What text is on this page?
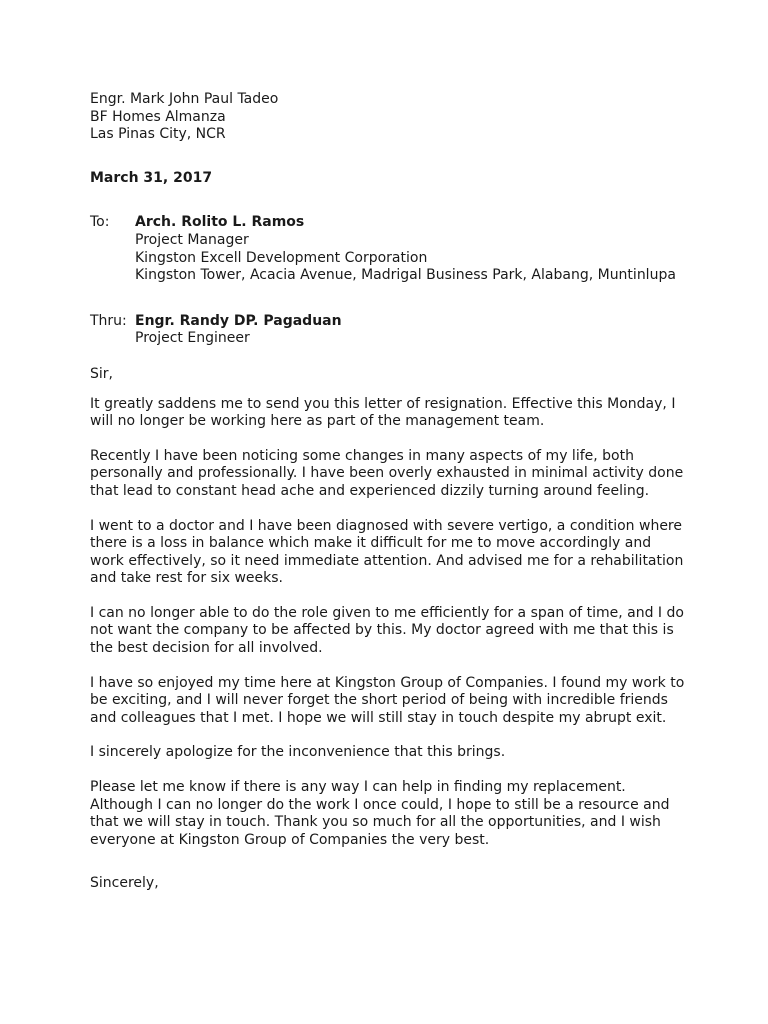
Engr. Mark John Paul Tadeo
BF Homes Almanza
Las Pinas City, NCR
March 31, 2017
To:	Arch. Rolito L. Ramos
Project Manager
Kingston Excell Development Corporation
Kingston Tower, Acacia Avenue, Madrigal Business Park, Alabang, Muntinlupa
Thru: Engr. Randy DP. Pagaduan
Project Engineer
Sir,
It greatly saddens me to send you this letter of resignation. Effective this Monday, I
will no longer be working here as part of the management team.
Recently I have been noticing some changes in many aspects of my life, both
personally and professionally. I have been overly exhausted in minimal activity done
that lead to constant head ache and experienced dizzily turning around feeling.
I went to a doctor and I have been diagnosed with severe vertigo, a condition where
there is a loss in balance which make it difficult for me to move accordingly and
work effectively, so it need immediate attention. And advised me for a rehabilitation
and take rest for six weeks.
I can no longer able to do the role given to me efficiently for a span of time, and I do
not want the company to be affected by this. My doctor agreed with me that this is
the best decision for all involved.
I have so enjoyed my time here at Kingston Group of Companies. I found my work to
be exciting, and I will never forget the short period of being with incredible friends
and colleagues that I met. I hope we will still stay in touch despite my abrupt exit.
I sincerely apologize for the inconvenience that this brings.
Please let me know if there is any way I can help in finding my replacement.
Although I can no longer do the work I once could, I hope to still be a resource and
that we will stay in touch. Thank you so much for all the opportunities, and I wish
everyone at Kingston Group of Companies the very best.
Sincerely,
